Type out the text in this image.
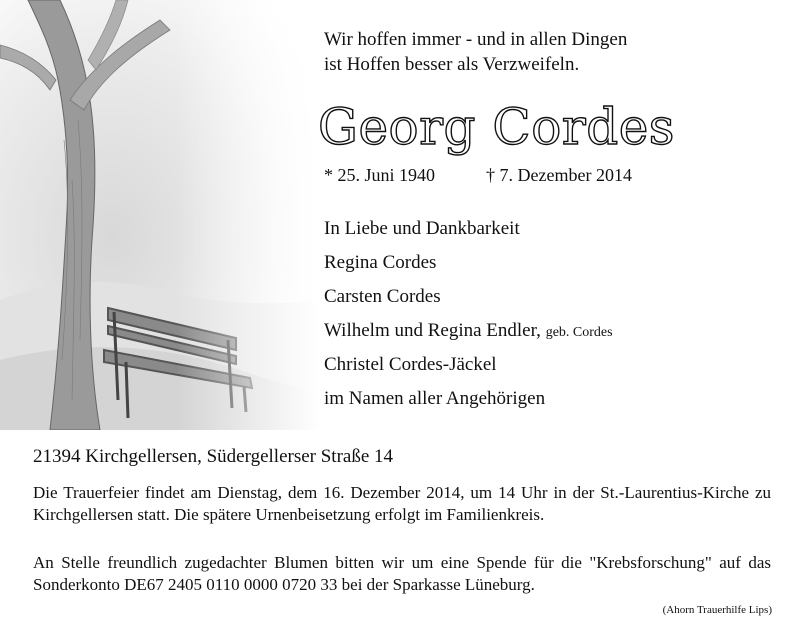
Wir hoffen immer - und in allen Dingen
ist Hoffen besser als Verzweifeln.
Georg Cordes
* 25. Juni 1940	† 7. Dezember 2014
In Liebe und Dankbarkeit
Regina Cordes
Carsten Cordes
Wilhelm und Regina Endler, geb. Cordes
Christel Cordes-Jäckel
im Namen aller Angehörigen
21394 Kirchgellersen, Südergellerser Straße 14
Die Trauerfeier findet am Dienstag, dem 16. Dezember 2014, um 14 Uhr in der St.-Laurentius-Kirche zu Kirchgellersen statt. Die spätere Urnenbeisetzung erfolgt im Familienkreis.
An Stelle freundlich zugedachter Blumen bitten wir um eine Spende für die "Krebsforschung" auf das Sonderkonto DE67 2405 0110 0000 0720 33 bei der Sparkasse Lüneburg.
(Ahorn Trauerhilfe Lips)
